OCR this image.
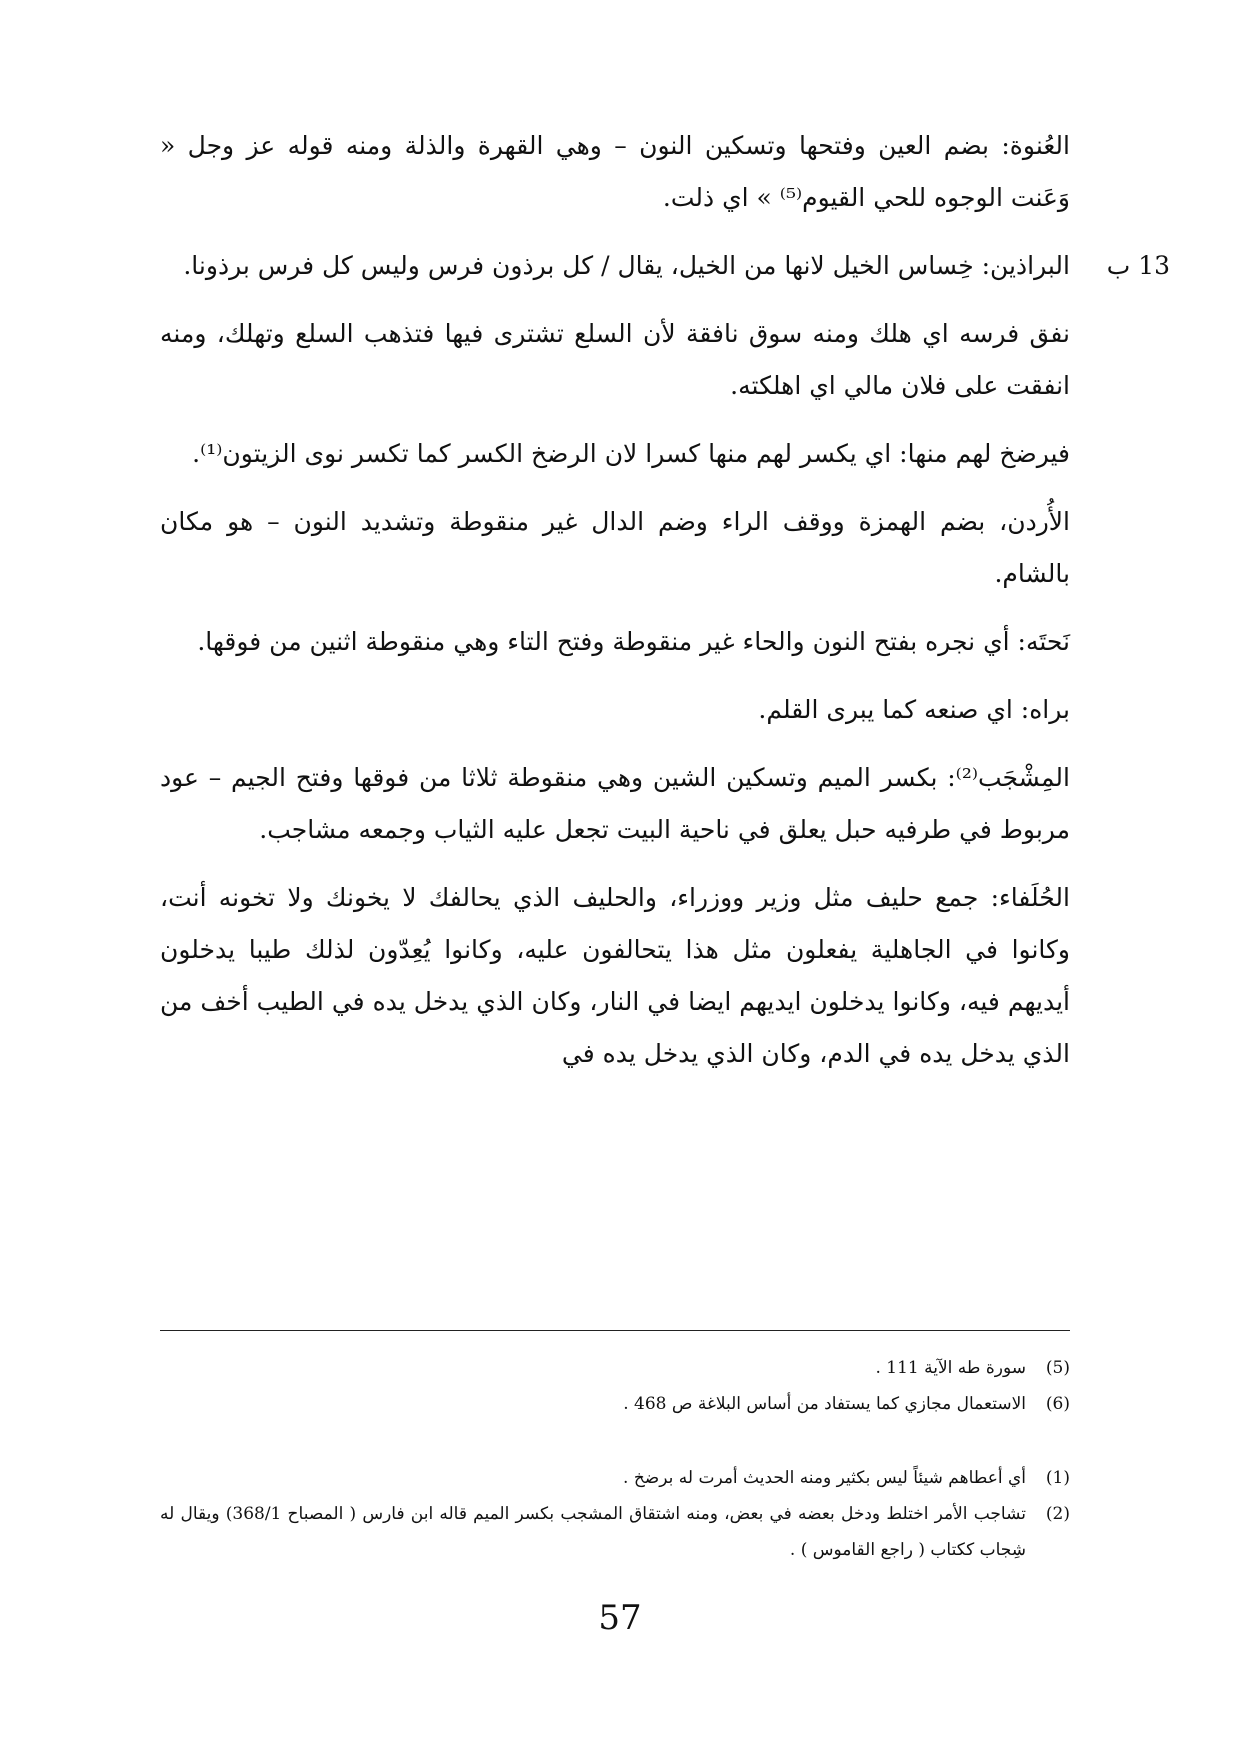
العُنوة: بضم العين وفتحها وتسكين النون – وهي القهرة والذلة ومنه قوله عز وجل « وَعَنت الوجوه للحي القيوم⁽⁵⁾ » اي ذلت.

13 ب

البراذين: خِساس الخيل لانها من الخيل، يقال / كل برذون فرس وليس كل فرس برذونا.

نفق فرسه اي هلك ومنه سوق نافقة لأن السلع تشترى فيها فتذهب السلع وتهلك، ومنه انفقت على فلان مالي اي اهلكته.

فيرضخ لهم منها: اي يكسر لهم منها كسرا لان الرضخ الكسر كما تكسر نوى الزيتون⁽¹⁾.

الأُردن، بضم الهمزة ووقف الراء وضم الدال غير منقوطة وتشديد النون – هو مكان بالشام.

نَحتَه: أي نجره بفتح النون والحاء غير منقوطة وفتح التاء وهي منقوطة اثنين من فوقها.

براه: اي صنعه كما يبرى القلم.

المِشْجَب⁽²⁾: بكسر الميم وتسكين الشين وهي منقوطة ثلاثا من فوقها وفتح الجيم – عود مربوط في طرفيه حبل يعلق في ناحية البيت تجعل عليه الثياب وجمعه مشاجب.

الحُلَفاء: جمع حليف مثل وزير ووزراء، والحليف الذي يحالفك لا يخونك ولا تخونه أنت، وكانوا في الجاهلية يفعلون مثل هذا يتحالفون عليه، وكانوا يُعِدّون لذلك طيبا يدخلون أيديهم فيه، وكانوا يدخلون ايديهم ايضا في النار، وكان الذي يدخل يده في الطيب أخف من الذي يدخل يده في الدم، وكان الذي يدخل يده في

(5)
سورة طه الآية 111 .
(6)
الاستعمال مجازي كما يستفاد من أساس البلاغة ص 468 .
(1)
أي أعطاهم شيئاً ليس بكثير ومنه الحديث أمرت له برضخ .
(2)
تشاجب الأمر اختلط ودخل بعضه في بعض، ومنه اشتقاق المشجب بكسر الميم قاله ابن فارس ( المصباح 368/1) ويقال له شِجاب ككتاب ( راجع القاموس ) .
57
